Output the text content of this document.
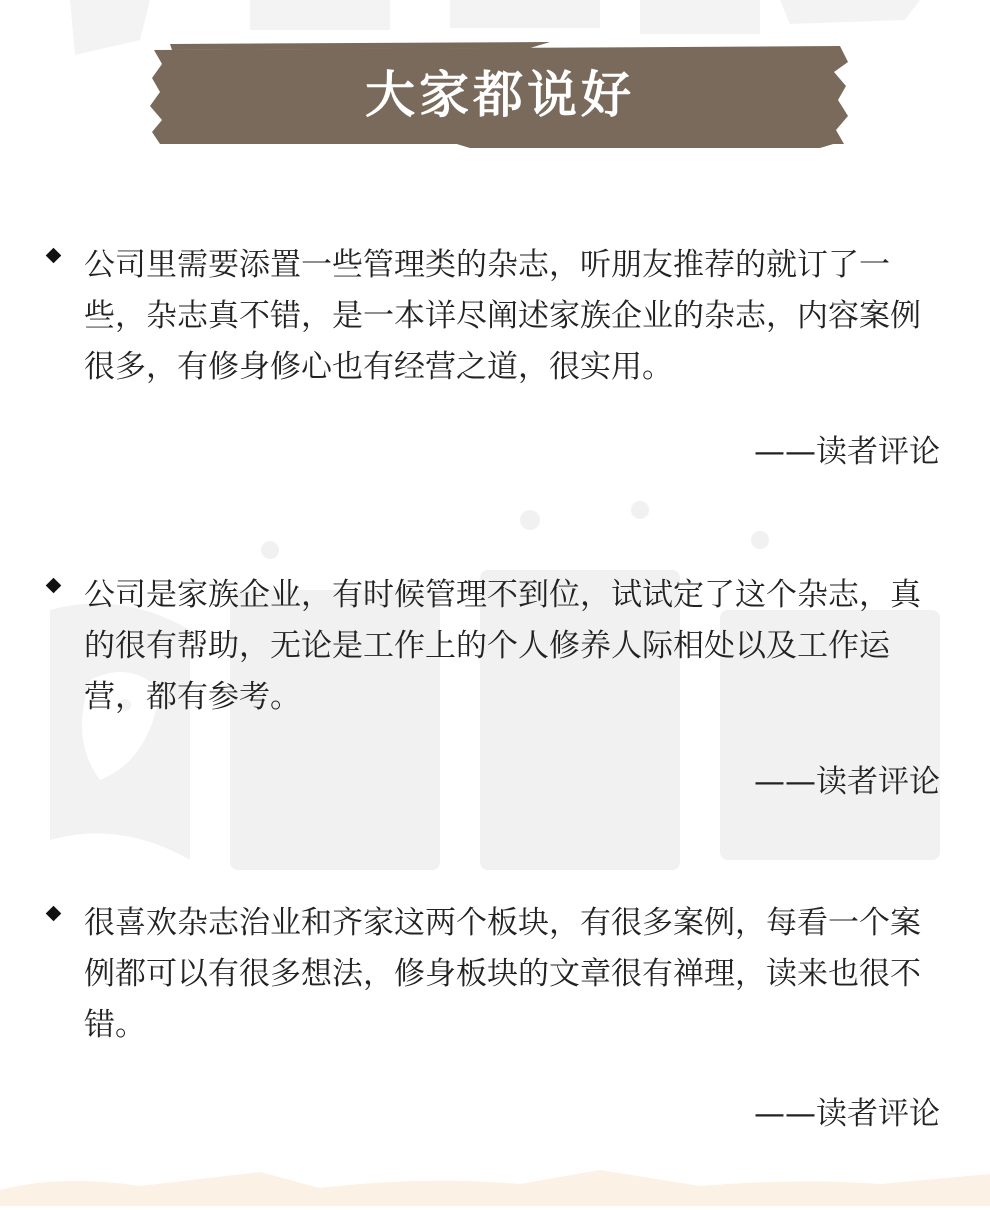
大家都说好

公司里需要添置一些管理类的杂志，听朋友推荐的就订了一些，杂志真不错，是一本详尽阐述家族企业的杂志，内容案例很多，有修身修心也有经营之道，很实用。

——读者评论

公司是家族企业，有时候管理不到位，试试定了这个杂志，真的很有帮助，无论是工作上的个人修养人际相处以及工作运营，都有参考。

——读者评论

很喜欢杂志治业和齐家这两个板块，有很多案例，每看一个案例都可以有很多想法，修身板块的文章很有禅理，读来也很不错。

——读者评论
